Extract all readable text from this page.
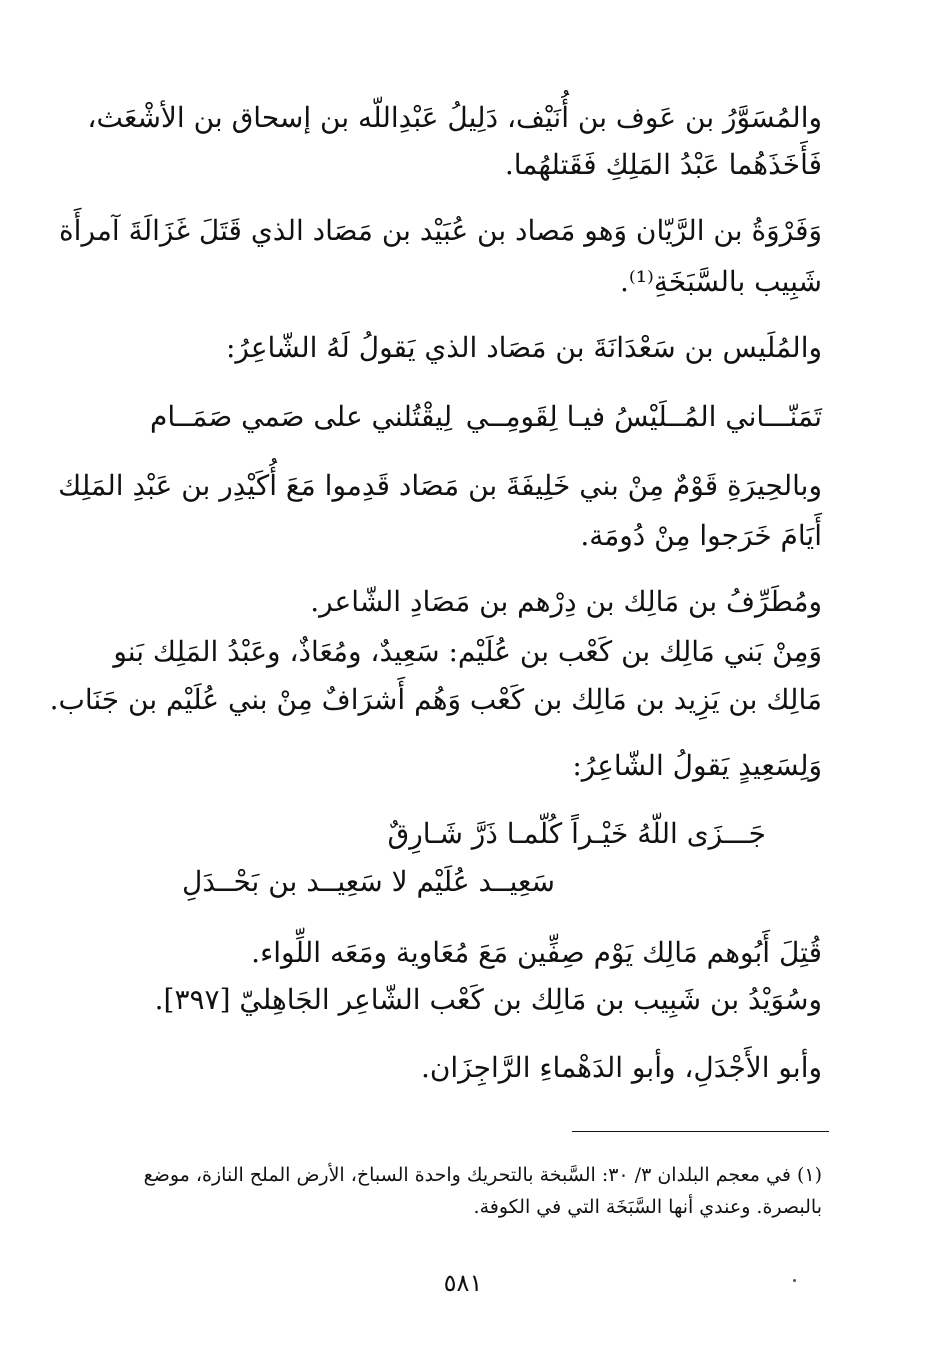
والمُسَوَّرُ بن عَوف بن أُنَيْف، دَلِيلُ عَبْدِاللّه بن إسحاق بن الأشْعَث،
فَأَخَذَهُما عَبْدُ المَلِكِ فَقَتلهُما.
وَفَرْوَةُ بن الرَّيّان وَهو مَصاد بن عُبَيْد بن مَصَاد الذي قَتَلَ غَزَالَةَ آمرأَة
شَبِيب بالسَّبَخَةِ⁽¹⁾.
والمُلَيس بن سَعْدَانَةَ بن مَصَاد الذي يَقولُ لَهُ الشّاعِرُ:
تَمَنّـــاني المُــلَيْسُ فيـا لِقَومِــي
لِيقْتُلني على صَمي صَمَــام
وبالحِيرَةِ قَوْمٌ مِنْ بني خَلِيفَةَ بن مَصَاد قَدِموا مَعَ أُكَيْدِر بن عَبْدِ المَلِك
أَيَامَ خَرَجوا مِنْ دُومَة.
ومُطَرِّفُ بن مَالِك بن دِرْهم بن مَصَادِ الشّاعر.
وَمِنْ بَني مَالِك بن كَعْب بن عُلَيْم: سَعِيدٌ، ومُعَاذٌ، وعَبْدُ المَلِك بَنو
مَالِك بن يَزِيد بن مَالِك بن كَعْب وَهُم أَشرَافٌ مِنْ بني عُلَيْم بن جَنَاب.
وَلِسَعِيدٍ يَقولُ الشّاعِرُ:
جَـــزَى اللّهُ خَيْـراً كُلّمـا ذَرَّ شَـارِقٌ
سَعِيــد عُلَيْم لا سَعِيــد بن بَحْــدَلِ
قُتِلَ أَبُوهم مَالِك يَوْم صِفِّين مَعَ مُعَاوية ومَعَه اللِّواء.
وسُوَيْدُ بن شَبِيب بن مَالِك بن كَعْب الشّاعِر الجَاهِليّ [٣٩٧].
وأبو الأَجْدَلِ، وأبو الدَهْماءِ الرَّاجِزَان.
(١) في معجم البلدان ٣/ ٣٠: السَّبخة بالتحريك واحدة السباخ، الأرض الملح النازة، موضع
بالبصرة. وعندي أنها السَّبَخَة التي في الكوفة.
٥٨١
